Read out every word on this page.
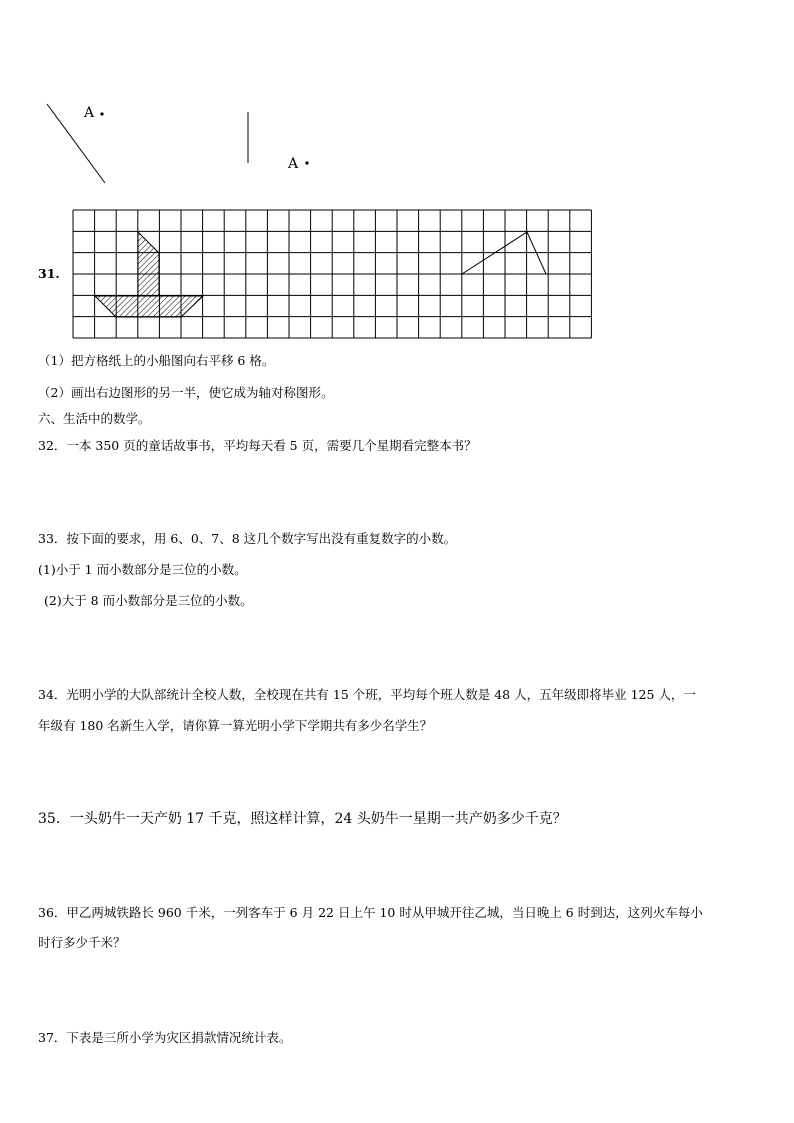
A
A
31.
（1）把方格纸上的小船图向右平移 6 格。
（2）画出右边图形的另一半，使它成为轴对称图形。
六、生活中的数学。
32．一本 350 页的童话故事书，平均每天看 5 页，需要几个星期看完整本书？
33．按下面的要求，用 6、0、7、8 这几个数字写出没有重复数字的小数。
(1)小于 1 而小数部分是三位的小数。
(2)大于 8 而小数部分是三位的小数。
34．光明小学的大队部统计全校人数，全校现在共有 15 个班，平均每个班人数是 48 人，五年级即将毕业 125 人，一
年级有 180 名新生入学，请你算一算光明小学下学期共有多少名学生？
35．一头奶牛一天产奶 17 千克，照这样计算，24 头奶牛一星期一共产奶多少千克？
36．甲乙两城铁路长 960 千米，一列客车于 6 月 22 日上午 10 时从甲城开往乙城，当日晚上 6 时到达，这列火车每小
时行多少千米？
37．下表是三所小学为灾区捐款情况统计表。
